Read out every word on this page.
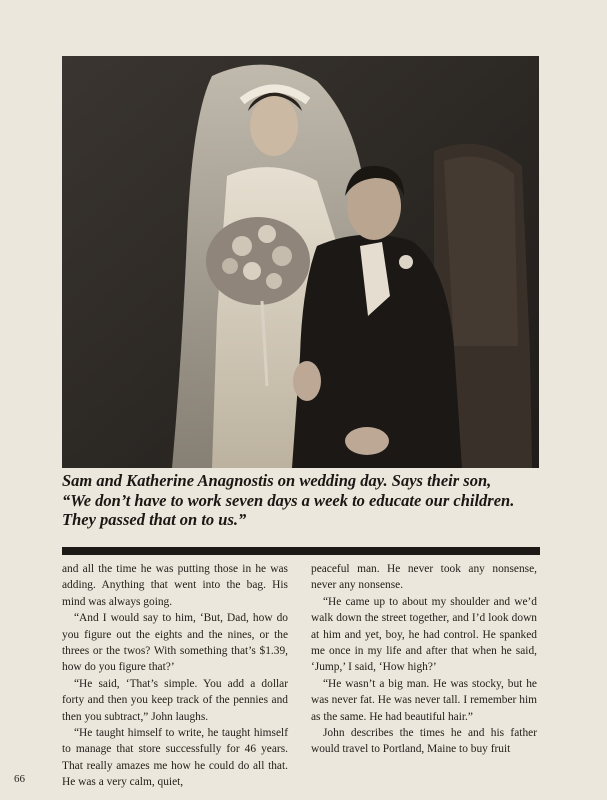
Sam and Katherine Anagnostis on wedding day. Says their son,
“We don’t have to work seven days a week to educate our children.
They passed that on to us.”

and all the time he was putting those in he was adding. Anything that went into the bag. His mind was always going.

“And I would say to him, ‘But, Dad, how do you figure out the eights and the nines, or the threes or the twos? With something that’s $1.39, how do you figure that?’

“He said, ‘That’s simple. You add a dollar forty and then you keep track of the pennies and then you subtract,” John laughs.

“He taught himself to write, he taught himself to manage that store successfully for 46 years. That really amazes me how he could do all that. He was a very calm, quiet,

peaceful man. He never took any nonsense, never any nonsense.

“He came up to about my shoulder and we’d walk down the street together, and I’d look down at him and yet, boy, he had control. He spanked me once in my life and after that when he said, ‘Jump,’ I said, ‘How high?’

“He wasn’t a big man. He was stocky, but he was never fat. He was never tall. I remember him as the same. He had beautiful hair.”

John describes the times he and his father would travel to Portland, Maine to buy fruit

66
